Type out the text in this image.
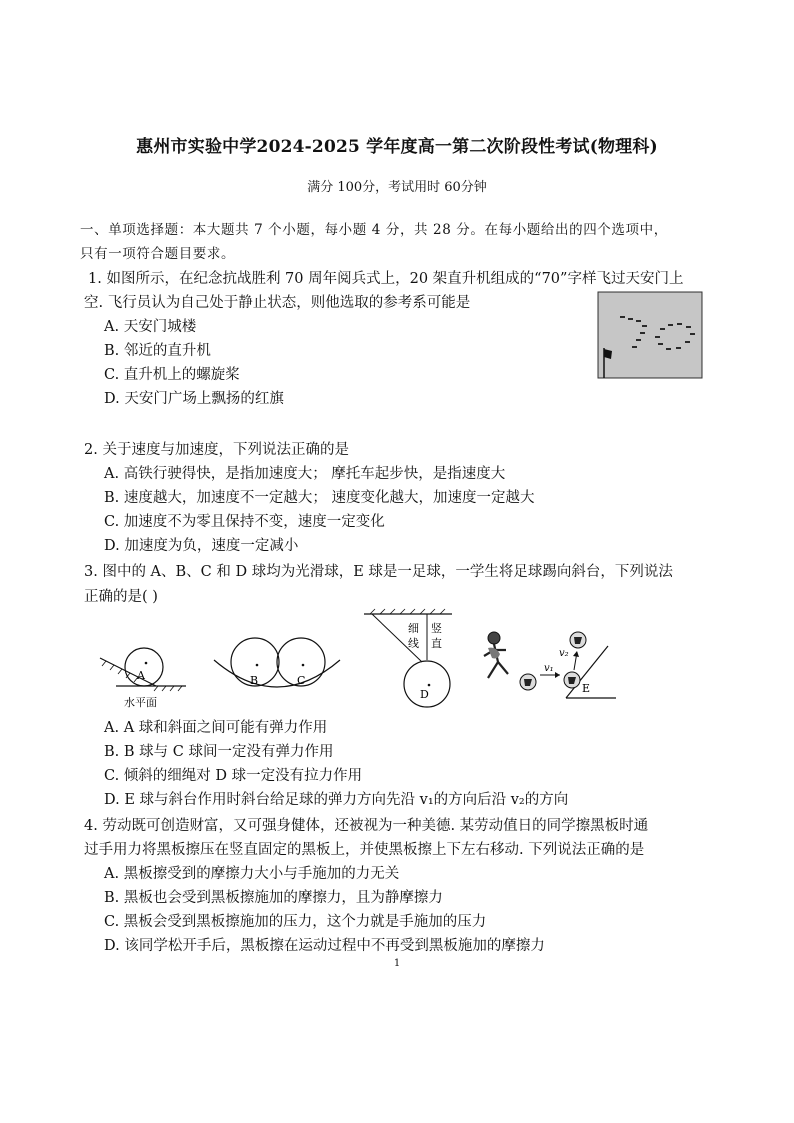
惠州市实验中学2024-2025 学年度高一第二次阶段性考试(物理科)
满分 100分，考试用时 60分钟
一、单项选择题：本大题共 7 个小题，每小题 4 分，共 28 分。在每小题给出的四个选项中，
只有一项符合题目要求。
1. 如图所示，在纪念抗战胜利 70 周年阅兵式上，20 架直升机组成的“70”字样飞过天安门上
空. 飞行员认为自己处于静止状态，则他选取的参考系可能是
A. 天安门城楼
B. 邻近的直升机
C. 直升机上的螺旋桨
D. 天安门广场上飘扬的红旗
2. 关于速度与加速度，下列说法正确的是
A. 高铁行驶得快，是指加速度大； 摩托车起步快，是指速度大
B. 速度越大，加速度不一定越大； 速度变化越大，加速度一定越大
C. 加速度不为零且保持不变，速度一定变化
D. 加速度为负，速度一定减小
3. 图中的 A、B、C 和 D 球均为光滑球，E 球是一足球，一学生将足球踢向斜台，下列说法
正确的是( )
A
水平面
B	C
D
细
线
竖
直
v₁
v₂
E
A. A 球和斜面之间可能有弹力作用
B. B 球与 C 球间一定没有弹力作用
C. 倾斜的细绳对 D 球一定没有拉力作用
D. E 球与斜台作用时斜台给足球的弹力方向先沿 v₁的方向后沿 v₂的方向
4. 劳动既可创造财富，又可强身健体，还被视为一种美德. 某劳动值日的同学擦黑板时通
过手用力将黑板擦压在竖直固定的黑板上，并使黑板擦上下左右移动. 下列说法正确的是
A. 黑板擦受到的摩擦力大小与手施加的力无关
B. 黑板也会受到黑板擦施加的摩擦力，且为静摩擦力
C. 黑板会受到黑板擦施加的压力，这个力就是手施加的压力
D. 该同学松开手后，黑板擦在运动过程中不再受到黑板施加的摩擦力
1
